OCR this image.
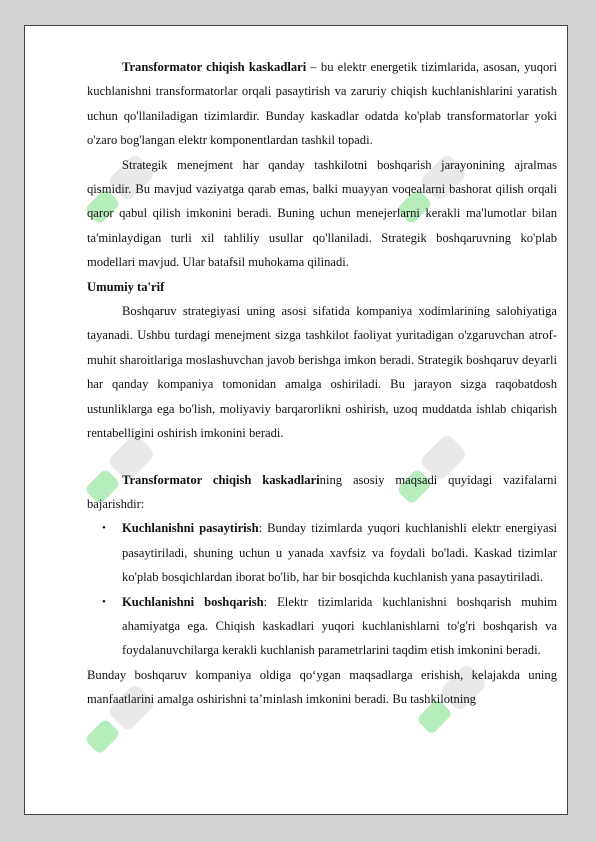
Transformator chiqish kaskadlari – bu elektr energetik tizimlarida, asosan, yuqori kuchlanishni transformatorlar orqali pasaytirish va zaruriy chiqish kuchlanishlarini yaratish uchun qo'llaniladigan tizimlardir. Bunday kaskadlar odatda ko'plab transformatorlar yoki o'zaro bog'langan elektr komponentlardan tashkil topadi.

Strategik menejment har qanday tashkilotni boshqarish jarayonining ajralmas qismidir. Bu mavjud vaziyatga qarab emas, balki muayyan voqealarni bashorat qilish orqali qaror qabul qilish imkonini beradi. Buning uchun menejerlarni kerakli ma'lumotlar bilan ta'minlaydigan turli xil tahliliy usullar qo'llaniladi. Strategik boshqaruvning ko'plab modellari mavjud. Ular batafsil muhokama qilinadi.

Umumiy ta'rif

Boshqaruv strategiyasi uning asosi sifatida kompaniya xodimlarining salohiyatiga tayanadi. Ushbu turdagi menejment sizga tashkilot faoliyat yuritadigan o'zgaruvchan atrof-muhit sharoitlariga moslashuvchan javob berishga imkon beradi. Strategik boshqaruv deyarli har qanday kompaniya tomonidan amalga oshiriladi. Bu jarayon sizga raqobatdosh ustunliklarga ega bo'lish, moliyaviy barqarorlikni oshirish, uzoq muddatda ishlab chiqarish rentabelligini oshirish imkonini beradi.

Transformator chiqish kaskadlarining asosiy maqsadi quyidagi vazifalarni bajarishdir:

• Kuchlanishni pasaytirish: Bunday tizimlarda yuqori kuchlanishli elektr energiyasi pasaytiriladi, shuning uchun u yanada xavfsiz va foydali bo'ladi. Kaskad tizimlar ko'plab bosqichlardan iborat bo'lib, har bir bosqichda kuchlanish yana pasaytiriladi.
• Kuchlanishni boshqarish: Elektr tizimlarida kuchlanishni boshqarish muhim ahamiyatga ega. Chiqish kaskadlari yuqori kuchlanishlarni to'g'ri boshqarish va foydalanuvchilarga kerakli kuchlanish parametrlarini taqdim etish imkonini beradi.

Bunday boshqaruv kompaniya oldiga qo‘ygan maqsadlarga erishish, kelajakda uning manfaatlarini amalga oshirishni ta’minlash imkonini beradi. Bu tashkilotning
